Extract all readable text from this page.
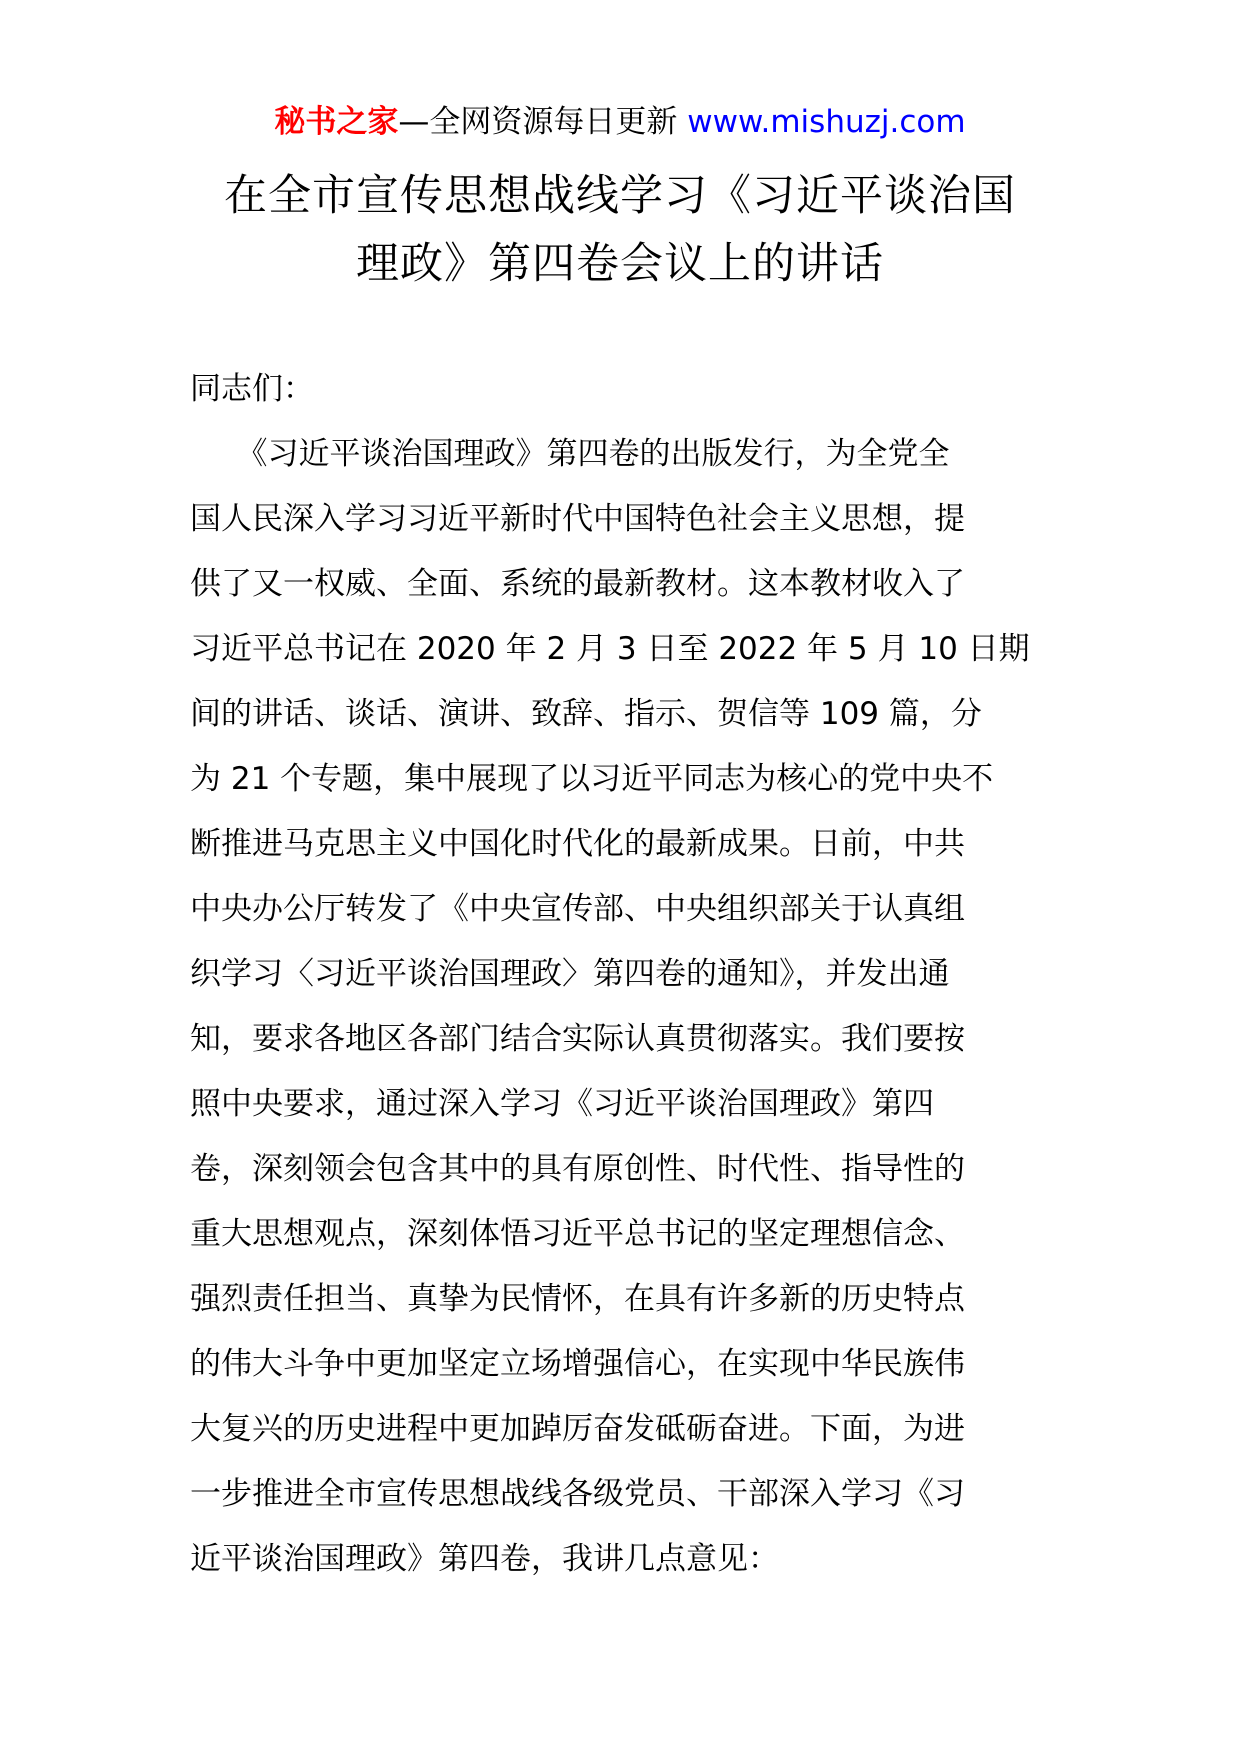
秘书之家—全网资源每日更新 www.mishuzj.com
在全市宣传思想战线学习《习近平谈治国
理政》第四卷会议上的讲话
同志们：
　　《习近平谈治国理政》第四卷的出版发行，为全党全
国人民深入学习习近平新时代中国特色社会主义思想，提
供了又一权威、全面、系统的最新教材。这本教材收入了
习近平总书记在 2020 年 2 月 3 日至 2022 年 5 月 10 日期
间的讲话、谈话、演讲、致辞、指示、贺信等 109 篇，分
为 21 个专题，集中展现了以习近平同志为核心的党中央不
断推进马克思主义中国化时代化的最新成果。日前，中共
中央办公厅转发了《中央宣传部、中央组织部关于认真组
织学习〈习近平谈治国理政〉第四卷的通知》，并发出通
知，要求各地区各部门结合实际认真贯彻落实。我们要按
照中央要求，通过深入学习《习近平谈治国理政》第四
卷，深刻领会包含其中的具有原创性、时代性、指导性的
重大思想观点，深刻体悟习近平总书记的坚定理想信念、
强烈责任担当、真挚为民情怀，在具有许多新的历史特点
的伟大斗争中更加坚定立场增强信心，在实现中华民族伟
大复兴的历史进程中更加踔厉奋发砥砺奋进。下面，为进
一步推进全市宣传思想战线各级党员、干部深入学习《习
近平谈治国理政》第四卷，我讲几点意见：
